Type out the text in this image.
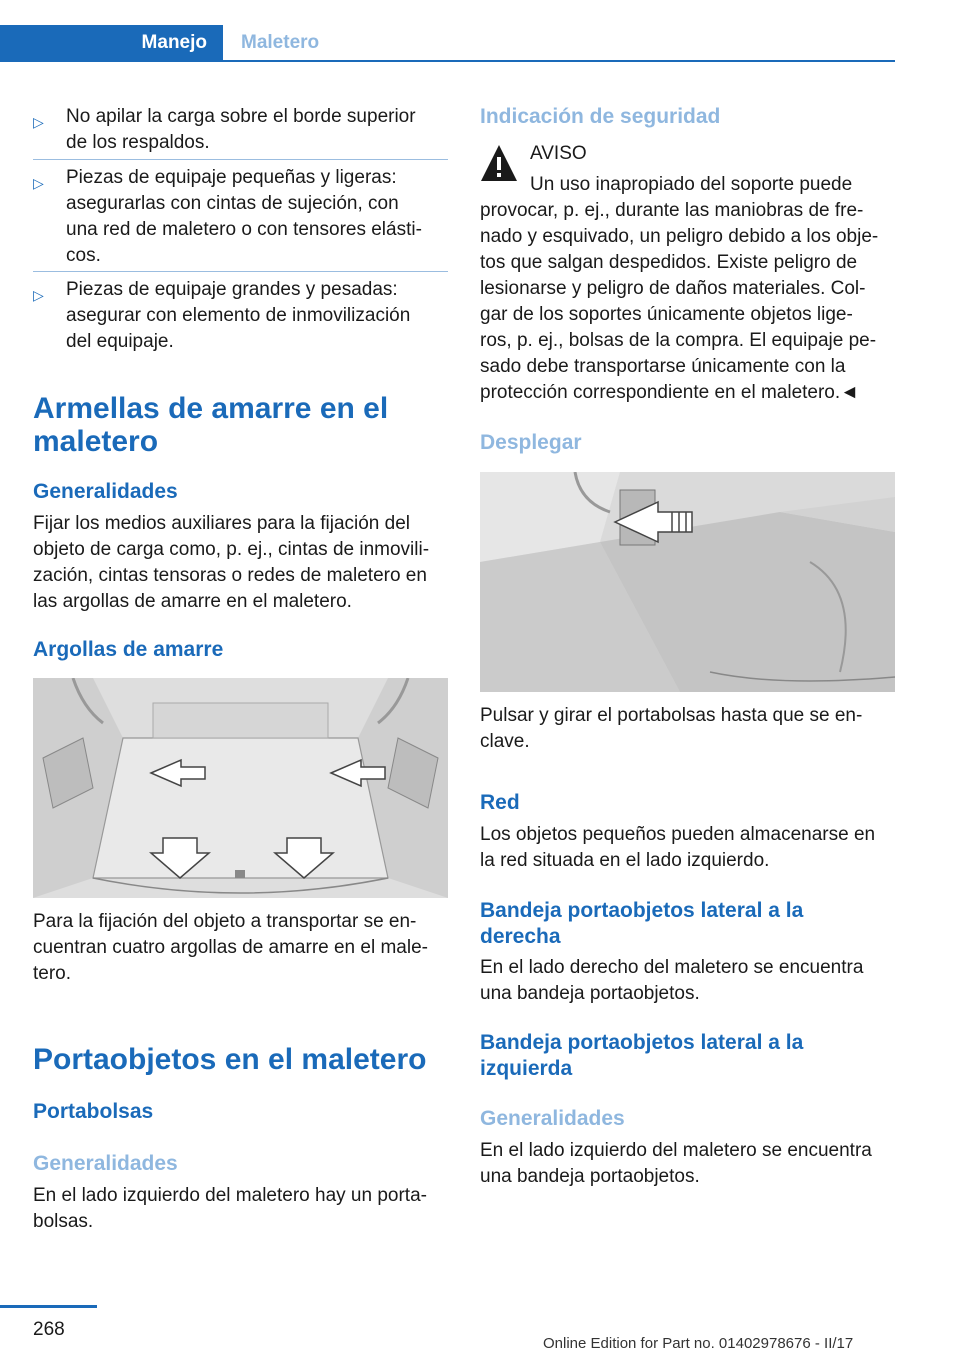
Manejo Maletero
▷ No apilar la carga sobre el borde superior
de los respaldos.
▷ Piezas de equipaje pequeñas y ligeras:
asegurarlas con cintas de sujeción, con
una red de maletero o con tensores elásti-
cos.
▷ Piezas de equipaje grandes y pesadas:
asegurar con elemento de inmovilización
del equipaje.
Armellas de amarre en el
maletero
Generalidades
Fijar los medios auxiliares para la fijación del
objeto de carga como, p. ej., cintas de inmovili-
zación, cintas tensoras o redes de maletero en
las argollas de amarre en el maletero.
Argollas de amarre
Para la fijación del objeto a transportar se en-
cuentran cuatro argollas de amarre en el male-
tero.
Portaobjetos en el maletero
Portabolsas
Generalidades
En el lado izquierdo del maletero hay un porta-
bolsas.
Indicación de seguridad
AVISO
Un uso inapropiado del soporte puede
provocar, p. ej., durante las maniobras de fre-
nado y esquivado, un peligro debido a los obje-
tos que salgan despedidos. Existe peligro de
lesionarse y peligro de daños materiales. Col-
gar de los soportes únicamente objetos lige-
ros, p. ej., bolsas de la compra. El equipaje pe-
sado debe transportarse únicamente con la
protección correspondiente en el maletero.◄
Desplegar
Pulsar y girar el portabolsas hasta que se en-
clave.
Red
Los objetos pequeños pueden almacenarse en
la red situada en el lado izquierdo.
Bandeja portaobjetos lateral a la
derecha
En el lado derecho del maletero se encuentra
una bandeja portaobjetos.
Bandeja portaobjetos lateral a la
izquierda
Generalidades
En el lado izquierdo del maletero se encuentra
una bandeja portaobjetos.
268
Online Edition for Part no. 01402978676 - II/17
